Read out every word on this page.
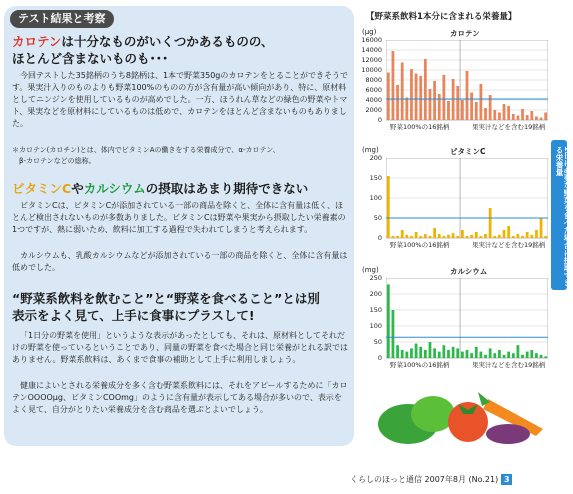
テスト結果と考察
カロテンは十分なものがいくつかあるものの、
ほとんど含まないものも･･･

今回テストした35銘柄のうち8銘柄は、1本で野菜350gのカロテンをとることができそうです。果実汁入りのものよりも野菜100%のものの方が含有量が高い傾向があり、特に、原材料としてニンジンを使用しているものが高めでした。一方、ほうれん草などの緑色の野菜やトマト、果実などを原材料にしているものは低めで、カロテンをほとんど含まないものもありました。

＊カロテン(カロチン)とは、体内でビタミンAの働きをする栄養成分で、α-カロテン、
　β-カロテンなどの総称。

ビタミンCやカルシウムの摂取はあまり期待できない

ビタミンCは、ビタミンCが添加されている一部の商品を除くと、全体に含有量は低く、ほとんど検出されないものが多数ありました。ビタミンCは野菜や果実から摂取したい栄養素の1つですが、熱に弱いため、飲料に加工する過程で失われてしまうと考えられます。

カルシウムも、乳酸カルシウムなどが添加されている一部の商品を除くと、全体に含有量は低めでした。

“野菜系飲料を飲むこと”と“野菜を食べること”とは別
表示をよく見て、上手に食事にプラスして!

「1日分の野菜を使用」というような表示があったとしても、それは、原材料としてそれだけの野菜を使っているということであり、同量の野菜を食べた場合と同じ栄養がとれる訳ではありません。野菜系飲料は、あくまで食事の補助として上手に利用しましょう。

健康によいとされる栄養成分を多く含む野菜系飲料には、それをアピールするために「カロテンOOOOμg、ビタミンCOOmg」のように含有量が表示してある場合が多いので、表示をよく見て、自分がとりたい栄養成分を含む商品を選ぶとよいでしょう。

【野菜系飲料1本分に含まれる栄養量】
(μg)	カロテン
16000
14000
12000
10000
8000
6000
4000
2000
0
野菜100%の16銘柄	果実汁などを含む19銘柄
(mg)	ビタミンC
200
150
100
50
0
野菜100%の16銘柄	果実汁などを含む19銘柄
(mg)	カルシウム
250
200
150
100
50
0
野菜100%の16銘柄	果実汁などを含む19銘柄
1日に必要な野菜を食べた場合に摂取できる栄養量
くらしのほっと通信 2007年8月 (No.21) 3
